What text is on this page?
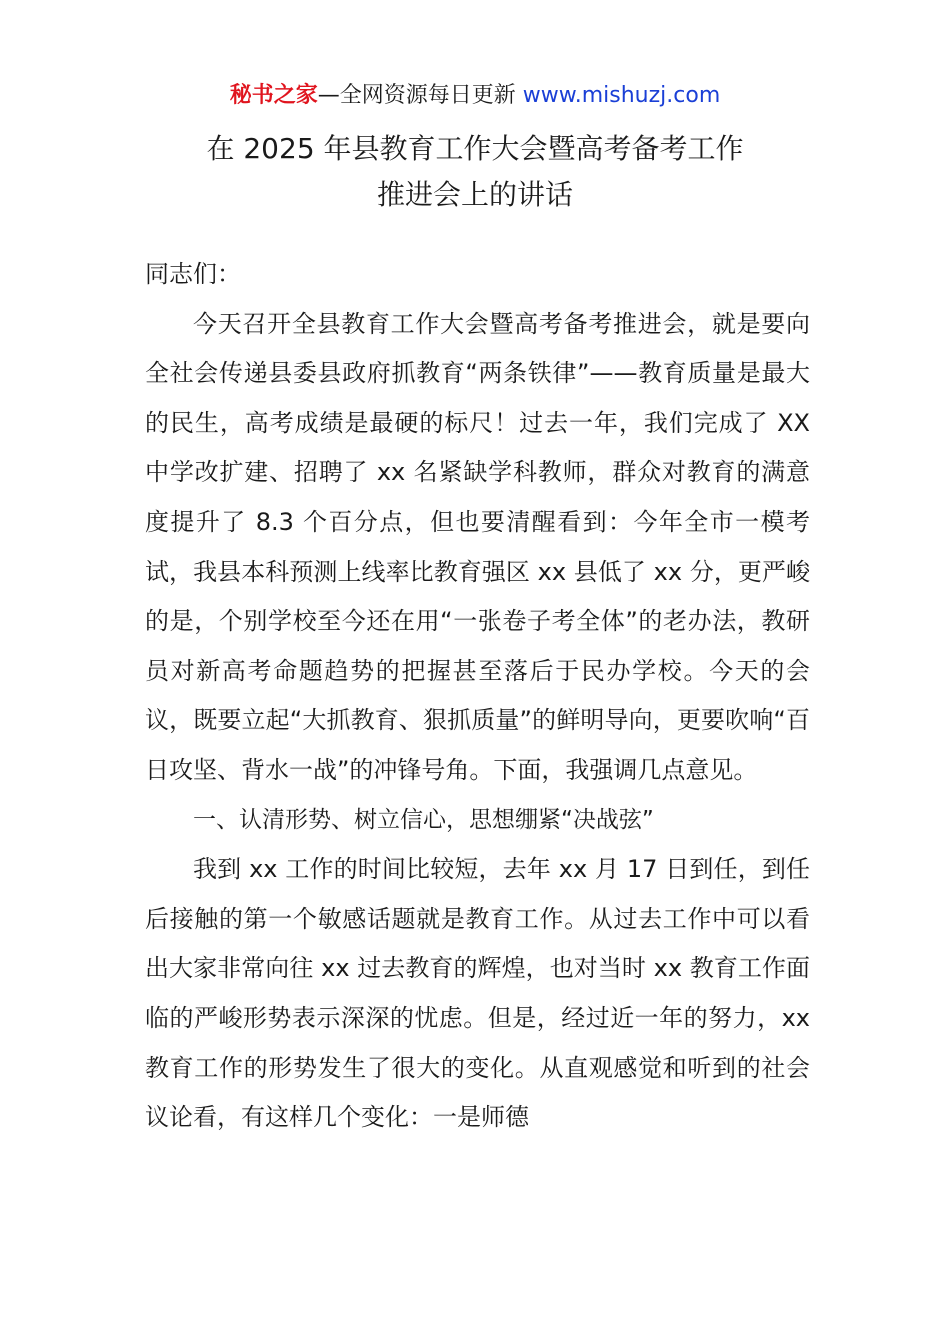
秘书之家—全网资源每日更新 www.mishuzj.com
在 2025 年县教育工作大会暨高考备考工作
推进会上的讲话

同志们：

今天召开全县教育工作大会暨高考备考推进会，就是要向全社会传递县委县政府抓教育“两条铁律”——教育质量是最大的民生，高考成绩是最硬的标尺！过去一年，我们完成了 XX 中学改扩建、招聘了 xx 名紧缺学科教师，群众对教育的满意度提升了 8.3 个百分点，但也要清醒看到：今年全市一模考试，我县本科预测上线率比教育强区 xx 县低了 xx 分，更严峻的是，个别学校至今还在用“一张卷子考全体”的老办法，教研员对新高考命题趋势的把握甚至落后于民办学校。今天的会议，既要立起“大抓教育、狠抓质量”的鲜明导向，更要吹响“百日攻坚、背水一战”的冲锋号角。下面，我强调几点意见。

一、认清形势、树立信心，思想绷紧“决战弦”

我到 xx 工作的时间比较短，去年 xx 月 17 日到任，到任后接触的第一个敏感话题就是教育工作。从过去工作中可以看出大家非常向往 xx 过去教育的辉煌，也对当时 xx 教育工作面临的严峻形势表示深深的忧虑。但是，经过近一年的努力，xx 教育工作的形势发生了很大的变化。从直观感觉和听到的社会议论看，有这样几个变化：一是师德
